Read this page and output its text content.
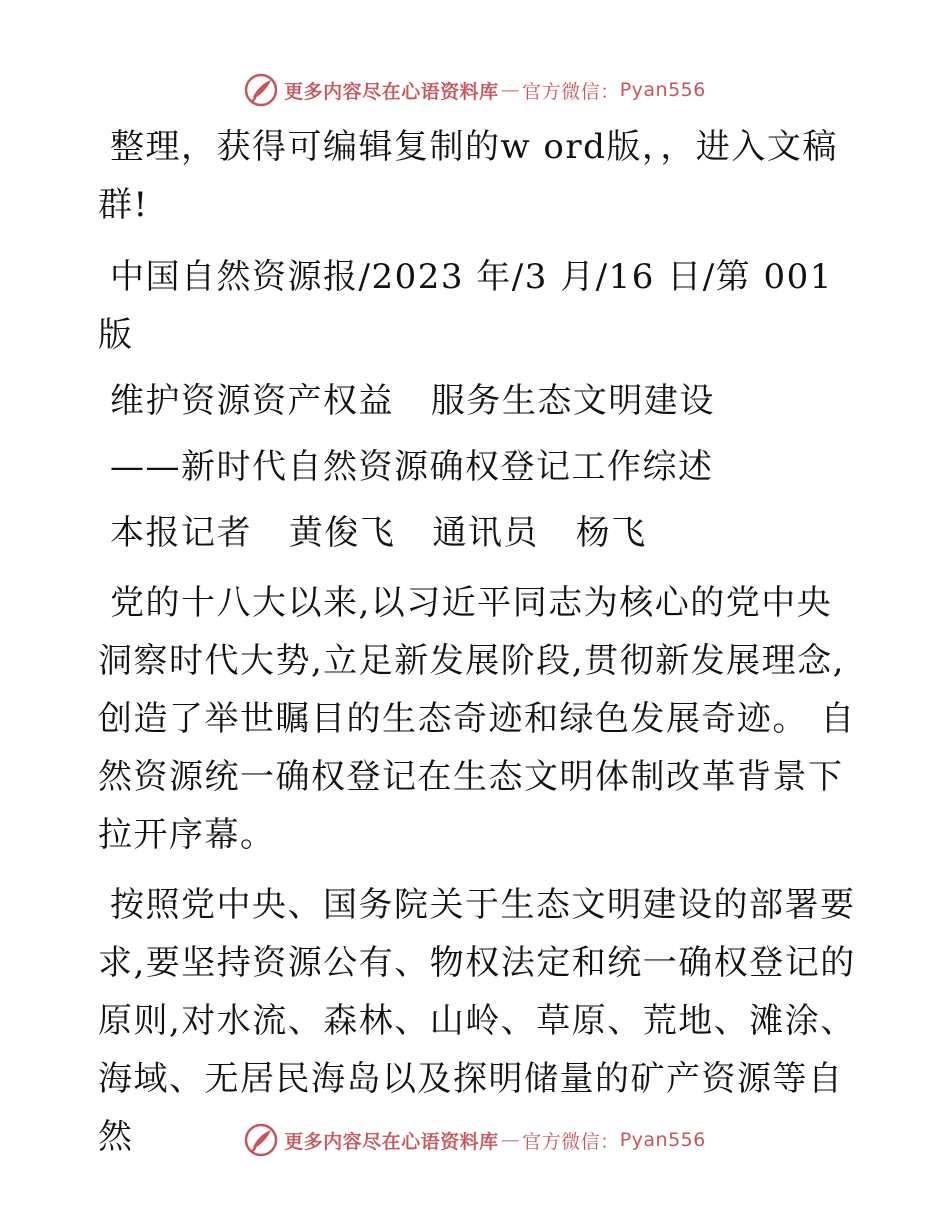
更多内容尽在心语资料库 — 官方微信： Pyan556

整理，获得可编辑复制的w ord版，，进入文稿群!

中国自然资源报/2023 年/3 月/16 日/第 001 版

维护资源资产权益   服务生态文明建设

——新时代自然资源确权登记工作综述

本报记者   黄俊飞   通讯员   杨飞

党的十八大以来,以习近平同志为核心的党中央洞察时代大势,立足新发展阶段,贯彻新发展理念,创造了举世瞩目的生态奇迹和绿色发展奇迹。 自然资源统一确权登记在生态文明体制改革背景下拉开序幕。

按照党中央、国务院关于生态文明建设的部署要求,要坚持资源公有、物权法定和统一确权登记的原则,对水流、森林、山岭、草原、荒地、滩涂、海域、无居民海岛以及探明储量的矿产资源等自然	更多内容尽在心语资料库 — 官方微信： Pyan556
